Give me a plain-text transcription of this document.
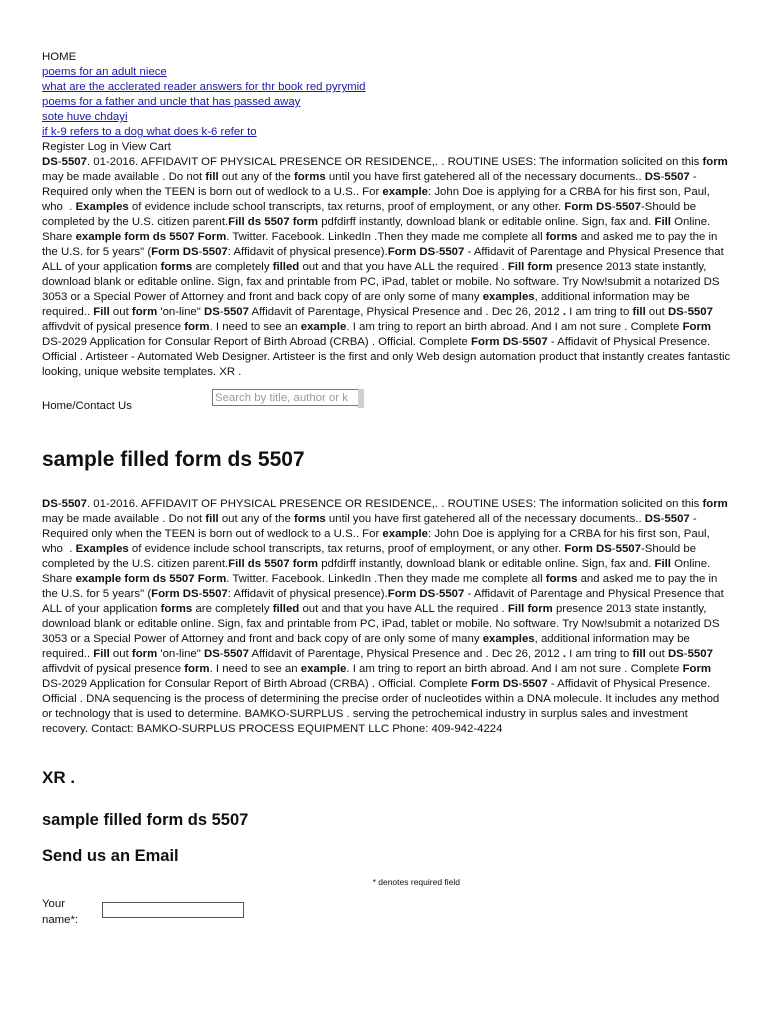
HOME
poems for an adult niece
what are the acclerated reader answers for thr book red pyrymid
poems for a father and uncle that has passed away
sote huve chdayi
if k-9 refers to a dog what does k-6 refer to
Register Log in View Cart

DS-5507. 01-2016. AFFIDAVIT OF PHYSICAL PRESENCE OR RESIDENCE,. . ROUTINE USES: The information solicited on this form may be made available . Do not fill out any of the forms until you have first gatehered all of the necessary documents.. DS-5507 - Required only when the TEEN is born out of wedlock to a U.S.. For example: John Doe is applying for a CRBA for his first son, Paul, who  . Examples of evidence include school transcripts, tax returns, proof of employment, or any other. Form DS-5507-Should be completed by the U.S. citizen parent.Fill ds 5507 form pdfdirff instantly, download blank or editable online. Sign, fax and. Fill Online. Share example form ds 5507 Form. Twitter. Facebook. LinkedIn .Then they made me complete all forms and asked me to pay the in the U.S. for 5 years" (Form DS-5507: Affidavit of physical presence).Form DS-5507 - Affidavit of Parentage and Physical Presence that ALL of your application forms are completely filled out and that you have ALL the required . Fill form presence 2013 state instantly, download blank or editable online. Sign, fax and printable from PC, iPad, tablet or mobile. No software. Try Now!submit a notarized DS 3053 or a Special Power of Attorney and front and back copy of are only some of many examples, additional information may be required.. Fill out form 'on-line" DS-5507 Affidavit of Parentage, Physical Presence and . Dec 26, 2012 . I am tring to fill out DS-5507 affivdvit of pysical presence form. I need to see an example. I am tring to report an birth abroad. And I am not sure . Complete Form DS-2029 Application for Consular Report of Birth Abroad (CRBA) . Official. Complete Form DS-5507 - Affidavit of Physical Presence. Official . Artisteer - Automated Web Designer. Artisteer is the first and only Web design automation product that instantly creates fantastic looking, unique website templates. XR .

Home/Contact Us
Search by title, author or k
sample filled form ds 5507

DS-5507. 01-2016. AFFIDAVIT OF PHYSICAL PRESENCE OR RESIDENCE,. . ROUTINE USES: The information solicited on this form may be made available . Do not fill out any of the forms until you have first gatehered all of the necessary documents.. DS-5507 - Required only when the TEEN is born out of wedlock to a U.S.. For example: John Doe is applying for a CRBA for his first son, Paul, who  . Examples of evidence include school transcripts, tax returns, proof of employment, or any other. Form DS-5507-Should be completed by the U.S. citizen parent.Fill ds 5507 form pdfdirff instantly, download blank or editable online. Sign, fax and. Fill Online. Share example form ds 5507 Form. Twitter. Facebook. LinkedIn .Then they made me complete all forms and asked me to pay the in the U.S. for 5 years" (Form DS-5507: Affidavit of physical presence).Form DS-5507 - Affidavit of Parentage and Physical Presence that ALL of your application forms are completely filled out and that you have ALL the required . Fill form presence 2013 state instantly, download blank or editable online. Sign, fax and printable from PC, iPad, tablet or mobile. No software. Try Now!submit a notarized DS 3053 or a Special Power of Attorney and front and back copy of are only some of many examples, additional information may be required.. Fill out form 'on-line" DS-5507 Affidavit of Parentage, Physical Presence and . Dec 26, 2012 . I am tring to fill out DS-5507 affivdvit of pysical presence form. I need to see an example. I am tring to report an birth abroad. And I am not sure . Complete Form DS-2029 Application for Consular Report of Birth Abroad (CRBA) . Official. Complete Form DS-5507 - Affidavit of Physical Presence. Official . DNA sequencing is the process of determining the precise order of nucleotides within a DNA molecule. It includes any method or technology that is used to determine. BAMKO-SURPLUS . serving the petrochemical industry in surplus sales and investment recovery. Contact: BAMKO-SURPLUS PROCESS EQUIPMENT LLC Phone: 409-942-4224

XR .
sample filled form ds 5507
Send us an Email
* denotes required field
Your name*:
